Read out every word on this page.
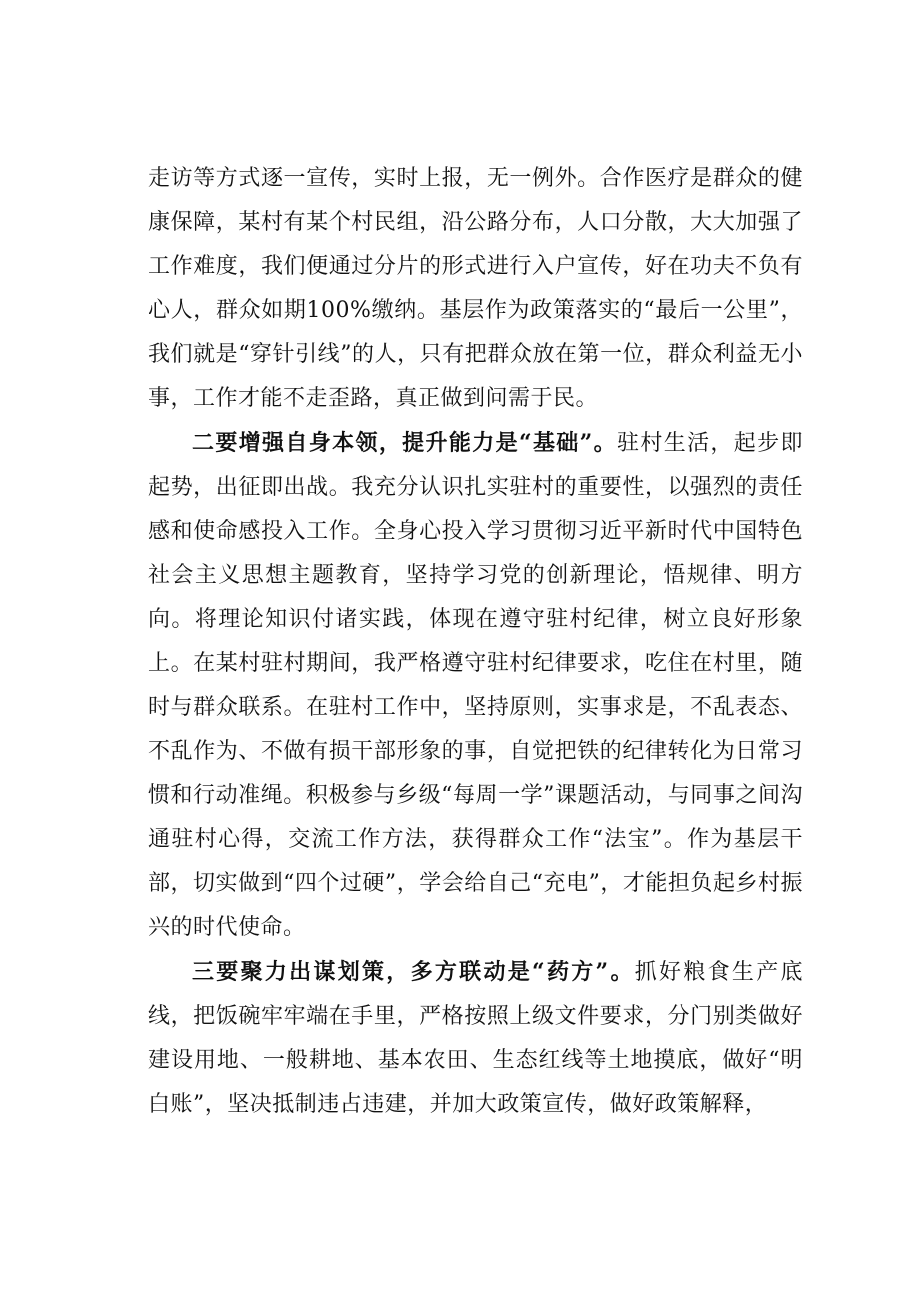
走访等方式逐一宣传，实时上报，无一例外。合作医疗是群众的健康保障，某村有某个村民组，沿公路分布，人口分散，大大加强了工作难度，我们便通过分片的形式进行入户宣传，好在功夫不负有心人，群众如期100%缴纳。基层作为政策落实的“最后一公里”，我们就是“穿针引线”的人，只有把群众放在第一位，群众利益无小事，工作才能不走歪路，真正做到问需于民。

二要增强自身本领，提升能力是“基础”。驻村生活，起步即起势，出征即出战。我充分认识扎实驻村的重要性，以强烈的责任感和使命感投入工作。全身心投入学习贯彻习近平新时代中国特色社会主义思想主题教育，坚持学习党的创新理论，悟规律、明方向。将理论知识付诸实践，体现在遵守驻村纪律，树立良好形象上。在某村驻村期间，我严格遵守驻村纪律要求，吃住在村里，随时与群众联系。在驻村工作中，坚持原则，实事求是，不乱表态、不乱作为、不做有损干部形象的事，自觉把铁的纪律转化为日常习惯和行动准绳。积极参与乡级“每周一学”课题活动，与同事之间沟通驻村心得，交流工作方法，获得群众工作“法宝”。作为基层干部，切实做到“四个过硬”，学会给自己“充电”，才能担负起乡村振兴的时代使命。

三要聚力出谋划策，多方联动是“药方”。抓好粮食生产底线，把饭碗牢牢端在手里，严格按照上级文件要求，分门别类做好建设用地、一般耕地、基本农田、生态红线等土地摸底，做好“明白账”，坚决抵制违占违建，并加大政策宣传，做好政策解释，
